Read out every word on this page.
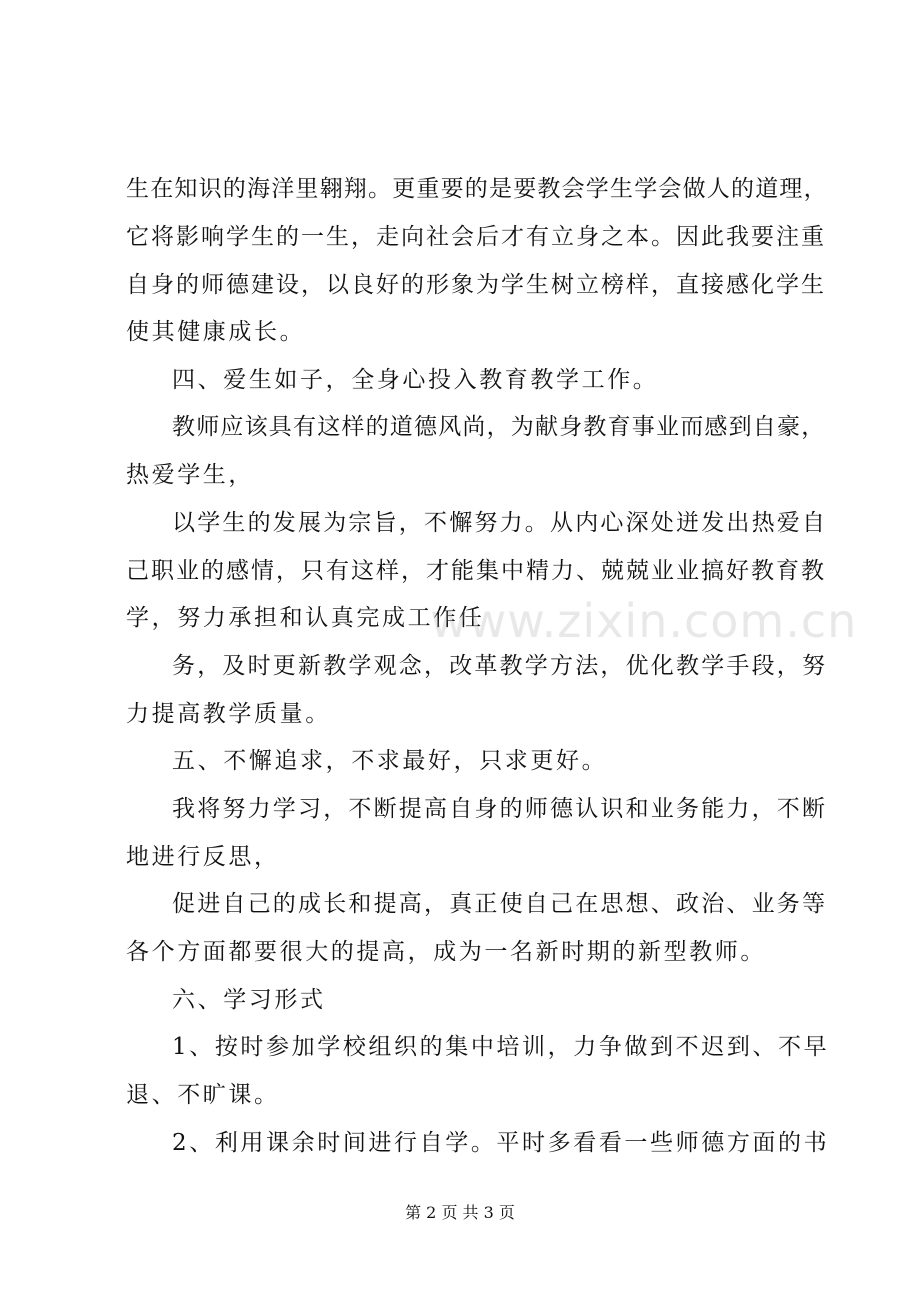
生在知识的海洋里翱翔。更重要的是要教会学生学会做人的道理，
它将影响学生的一生，走向社会后才有立身之本。因此我要注重
自身的师德建设，以良好的形象为学生树立榜样，直接感化学生
使其健康成长。
四、爱生如子，全身心投入教育教学工作。
教师应该具有这样的道德风尚，为献身教育事业而感到自豪，
热爱学生，
以学生的发展为宗旨，不懈努力。从内心深处迸发出热爱自
己职业的感情，只有这样，才能集中精力、兢兢业业搞好教育教
学，努力承担和认真完成工作任
务，及时更新教学观念，改革教学方法，优化教学手段，努
力提高教学质量。
五、不懈追求，不求最好，只求更好。
我将努力学习，不断提高自身的师德认识和业务能力，不断
地进行反思，
促进自己的成长和提高，真正使自己在思想、政治、业务等
各个方面都要很大的提高，成为一名新时期的新型教师。
六、学习形式
1、按时参加学校组织的集中培训，力争做到不迟到、不早
退、不旷课。
2、利用课余时间进行自学。平时多看看一些师德方面的书
www.zixin.com.cn
第 2 页 共 3 页
